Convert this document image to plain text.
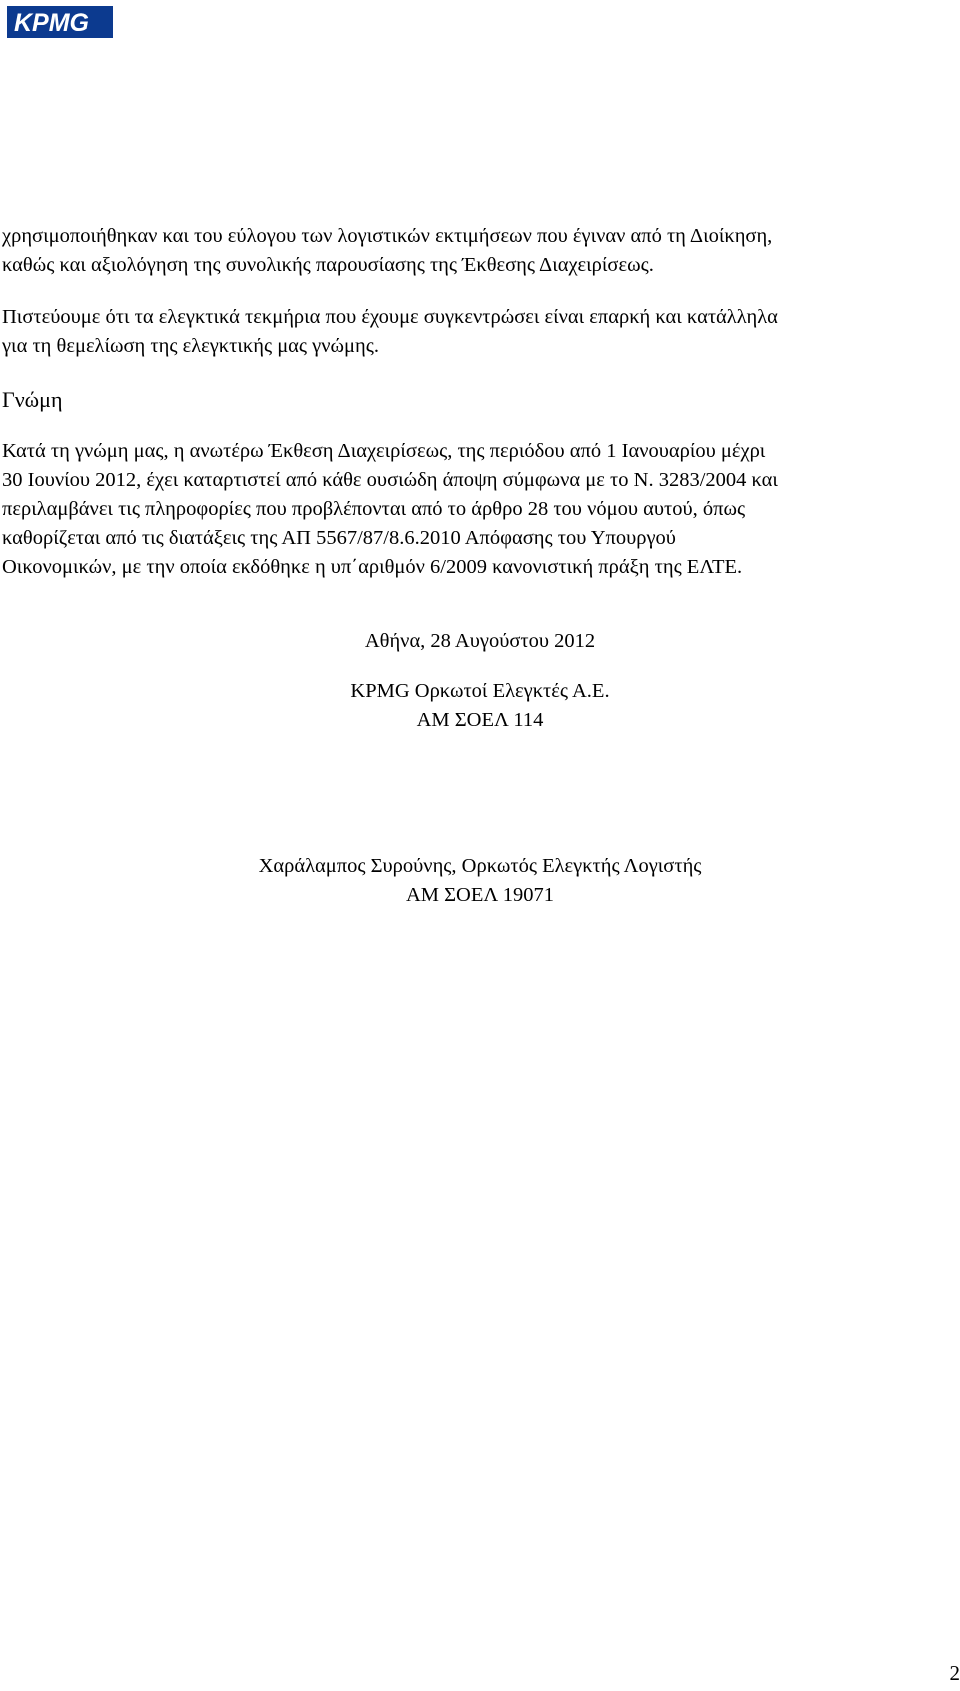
KPMG

χρησιμοποιήθηκαν και του εύλογου των λογιστικών εκτιμήσεων που έγιναν από τη Διοίκηση,

καθώς και αξιολόγηση της συνολικής παρουσίασης της Έκθεσης Διαχειρίσεως.

Πιστεύουμε ότι τα ελεγκτικά τεκμήρια που έχουμε συγκεντρώσει είναι επαρκή και κατάλληλα

για τη θεμελίωση της ελεγκτικής μας γνώμης.

Γνώμη

Κατά τη γνώμη μας, η ανωτέρω Έκθεση Διαχειρίσεως, της περιόδου από 1 Ιανουαρίου μέχρι

30 Ιουνίου 2012, έχει καταρτιστεί από κάθε ουσιώδη άποψη σύμφωνα με το Ν. 3283/2004 και

περιλαμβάνει τις πληροφορίες που προβλέπονται από το άρθρο 28 του νόμου αυτού, όπως

καθορίζεται από τις διατάξεις της ΑΠ 5567/87/8.6.2010 Απόφασης του Υπουργού

Οικονομικών, με την οποία εκδόθηκε η υπ΄αριθμόν 6/2009 κανονιστική πράξη της ΕΛΤΕ.

Αθήνα, 28 Αυγούστου 2012

KPMG Ορκωτοί Ελεγκτές Α.Ε.

ΑΜ ΣΟΕΛ 114

Χαράλαμπος Συρούνης, Ορκωτός Ελεγκτής Λογιστής

ΑΜ ΣΟΕΛ 19071

2
